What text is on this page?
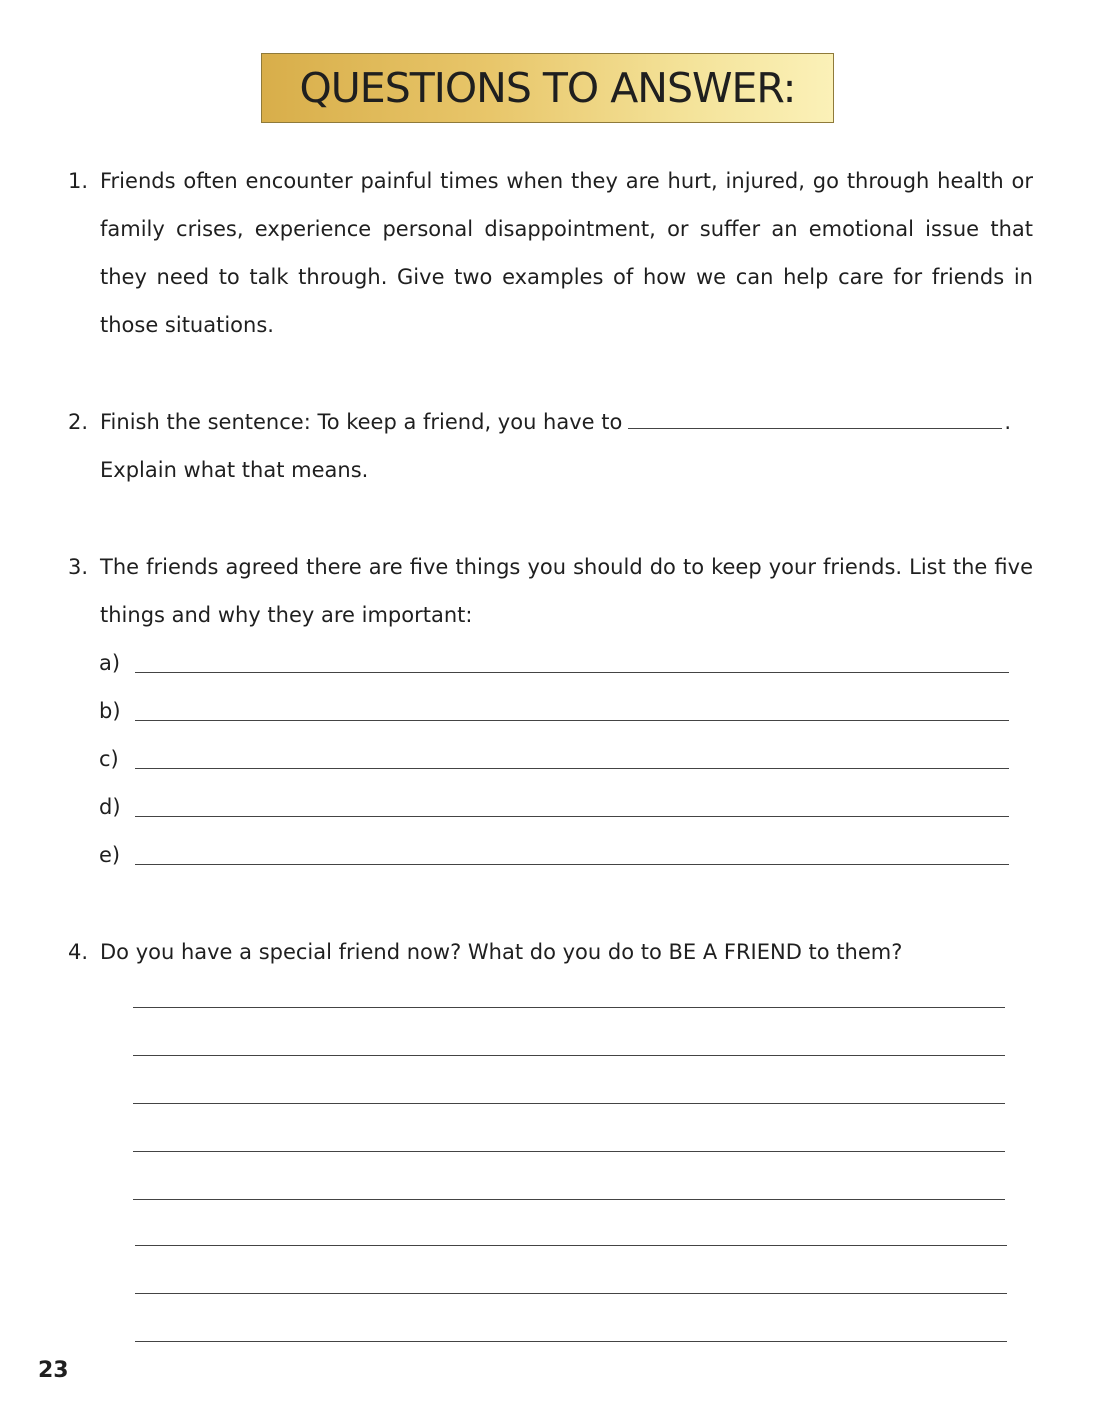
QUESTIONS TO ANSWER:
1. Friends often encounter painful times when they are hurt, injured, go through health or family crises, experience personal disappointment, or suffer an emotional issue that they need to talk through. Give two examples of how we can help care for friends in those situations.
2. Finish the sentence: To keep a friend, you have to	.
Explain what that means.
3. The friends agreed there are five things you should do to keep your friends. List the five things and why they are important:
a)
b)
c)
d)
e)
4. Do you have a special friend now? What do you do to BE A FRIEND to them?
23
